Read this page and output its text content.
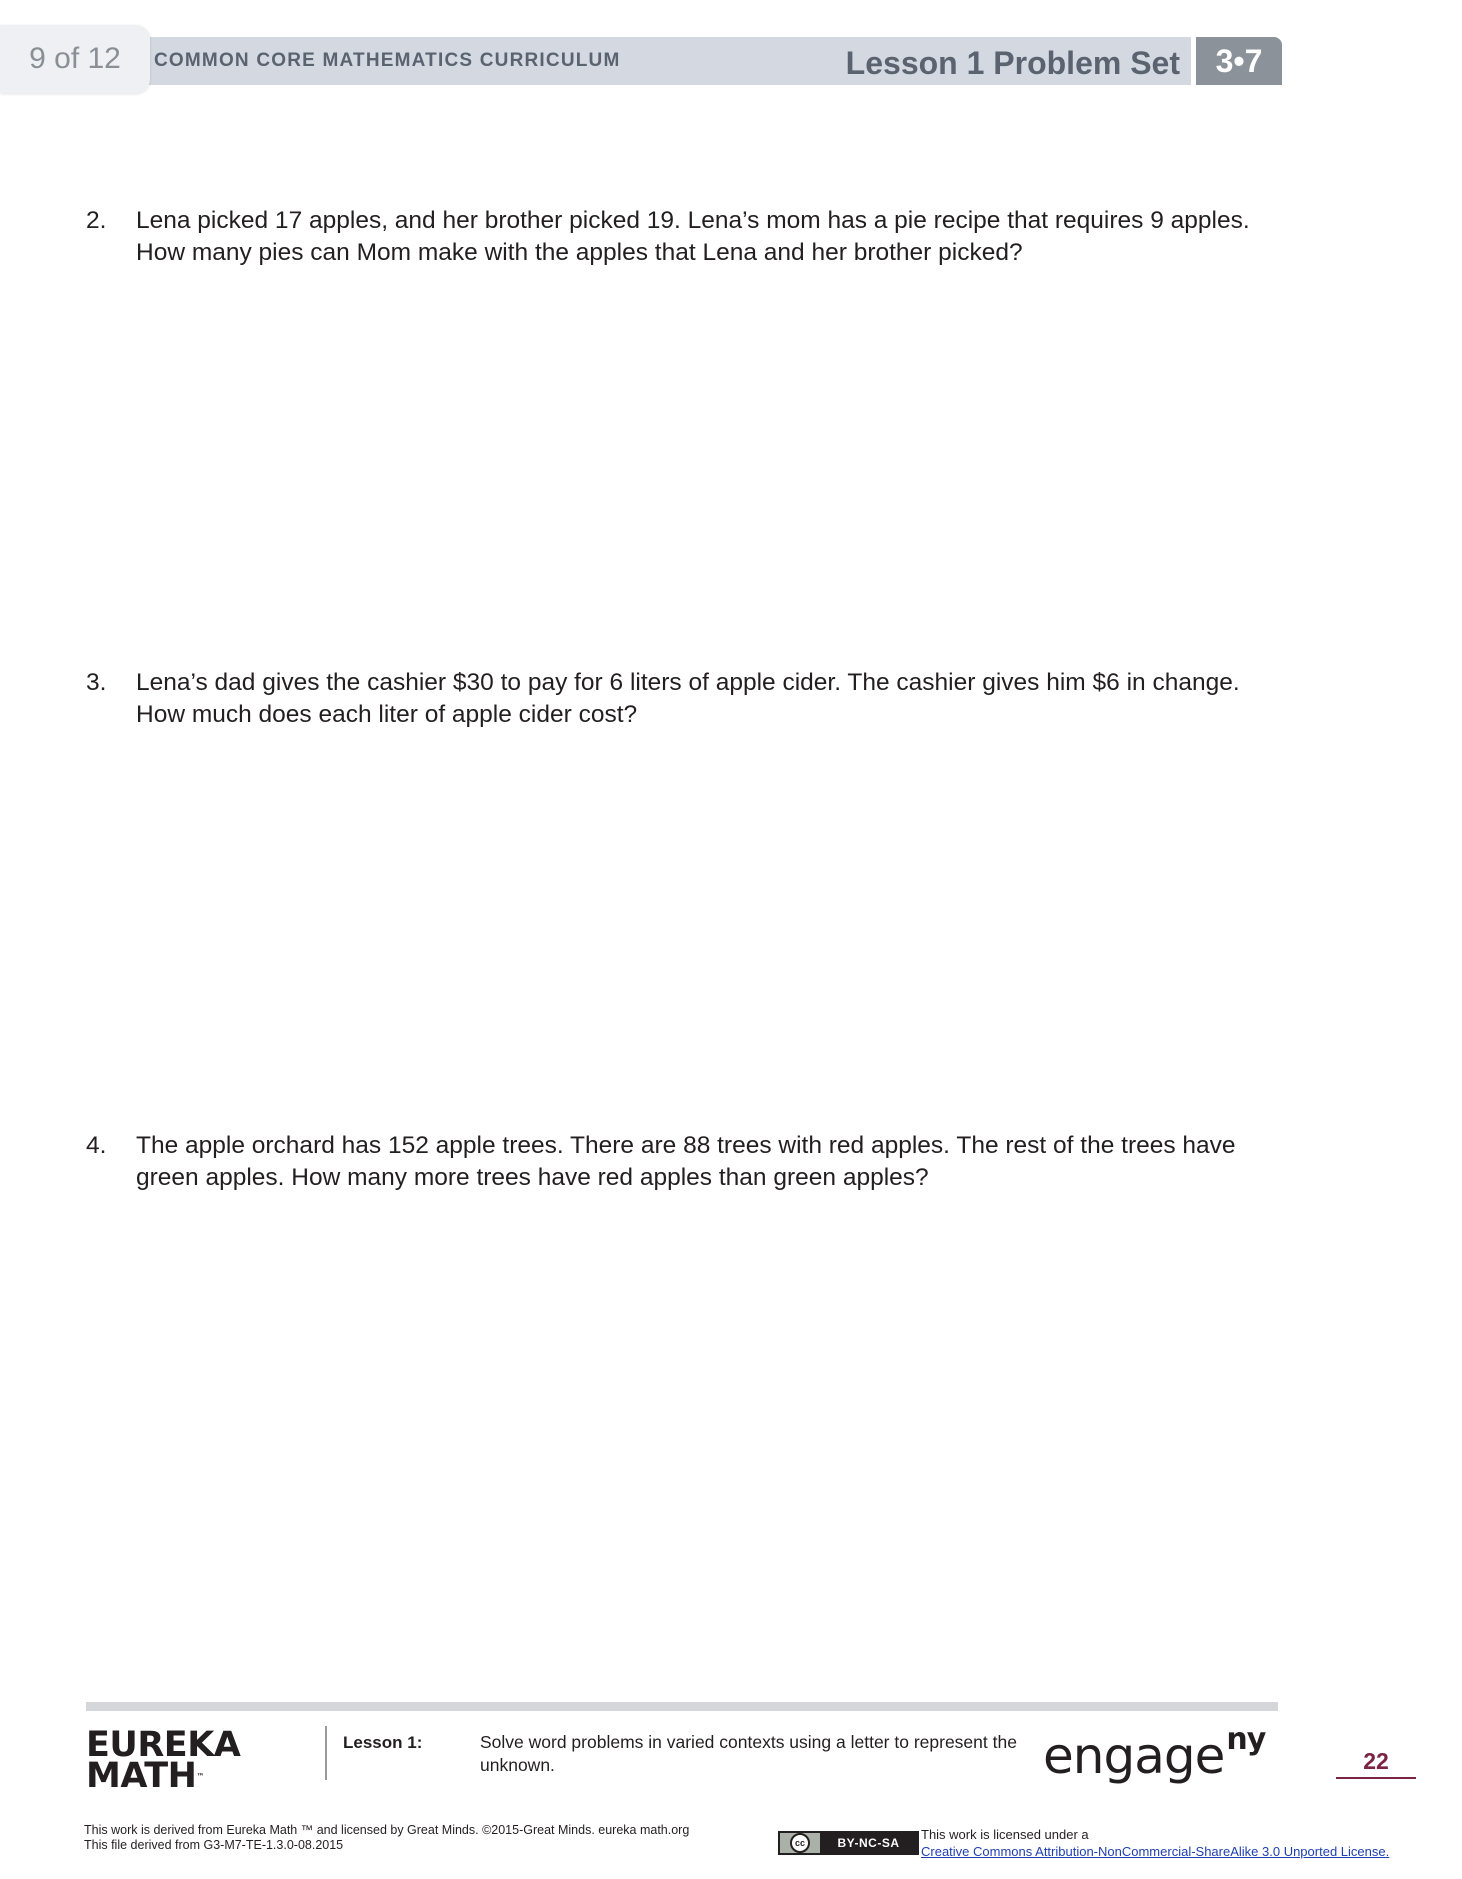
9 of 12	COMMON CORE MATHEMATICS CURRICULUM	Lesson 1 Problem Set	3•7
2. Lena picked 17 apples, and her brother picked 19. Lena’s mom has a pie recipe that requires 9 apples.
How many pies can Mom make with the apples that Lena and her brother picked?
3. Lena’s dad gives the cashier $30 to pay for 6 liters of apple cider. The cashier gives him $6 in change.
How much does each liter of apple cider cost?
4. The apple orchard has 152 apple trees. There are 88 trees with red apples. The rest of the trees have
green apples. How many more trees have red apples than green apples?
EUREKA
MATH™
Lesson 1:	Solve word problems in varied contexts using a letter to represent the
unknown.	engage$^{ny}$
22
This work is derived from Eureka Math ™ and licensed by Great Minds. ©2015-Great Minds. eureka math.org
This file derived from G3-M7-TE-1.3.0-08.2015	cc	BY-NC-SA
This work is licensed under a
Creative Commons Attribution-NonCommercial-ShareAlike 3.0 Unported License.
